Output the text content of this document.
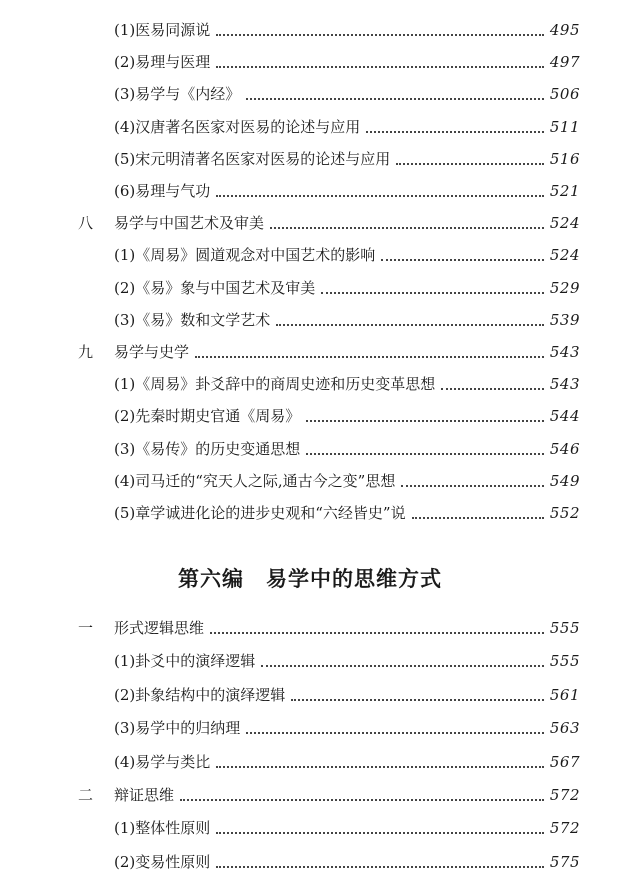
(1)医易同源说	495
(2)易理与医理	497
(3)易学与《内经》	506
(4)汉唐著名医家对医易的论述与应用	511
(5)宋元明清著名医家对医易的论述与应用	516
(6)易理与气功	521
八 易学与中国艺术及审美	524
(1)《周易》圆道观念对中国艺术的影响	524
(2)《易》象与中国艺术及审美	529
(3)《易》数和文学艺术	539
九 易学与史学	543
(1)《周易》卦爻辞中的商周史迹和历史变革思想	543
(2)先秦时期史官通《周易》	544
(3)《易传》的历史变通思想	546
(4)司马迁的“究天人之际,通古今之变”思想	549
(5)章学诚进化论的进步史观和“六经皆史”说	552
第六编　易学中的思维方式
一 形式逻辑思维	555
(1)卦爻中的演绎逻辑	555
(2)卦象结构中的演绎逻辑	561
(3)易学中的归纳理	563
(4)易学与类比	567
二 辩证思维	572
(1)整体性原则	572
(2)变易性原则	575
